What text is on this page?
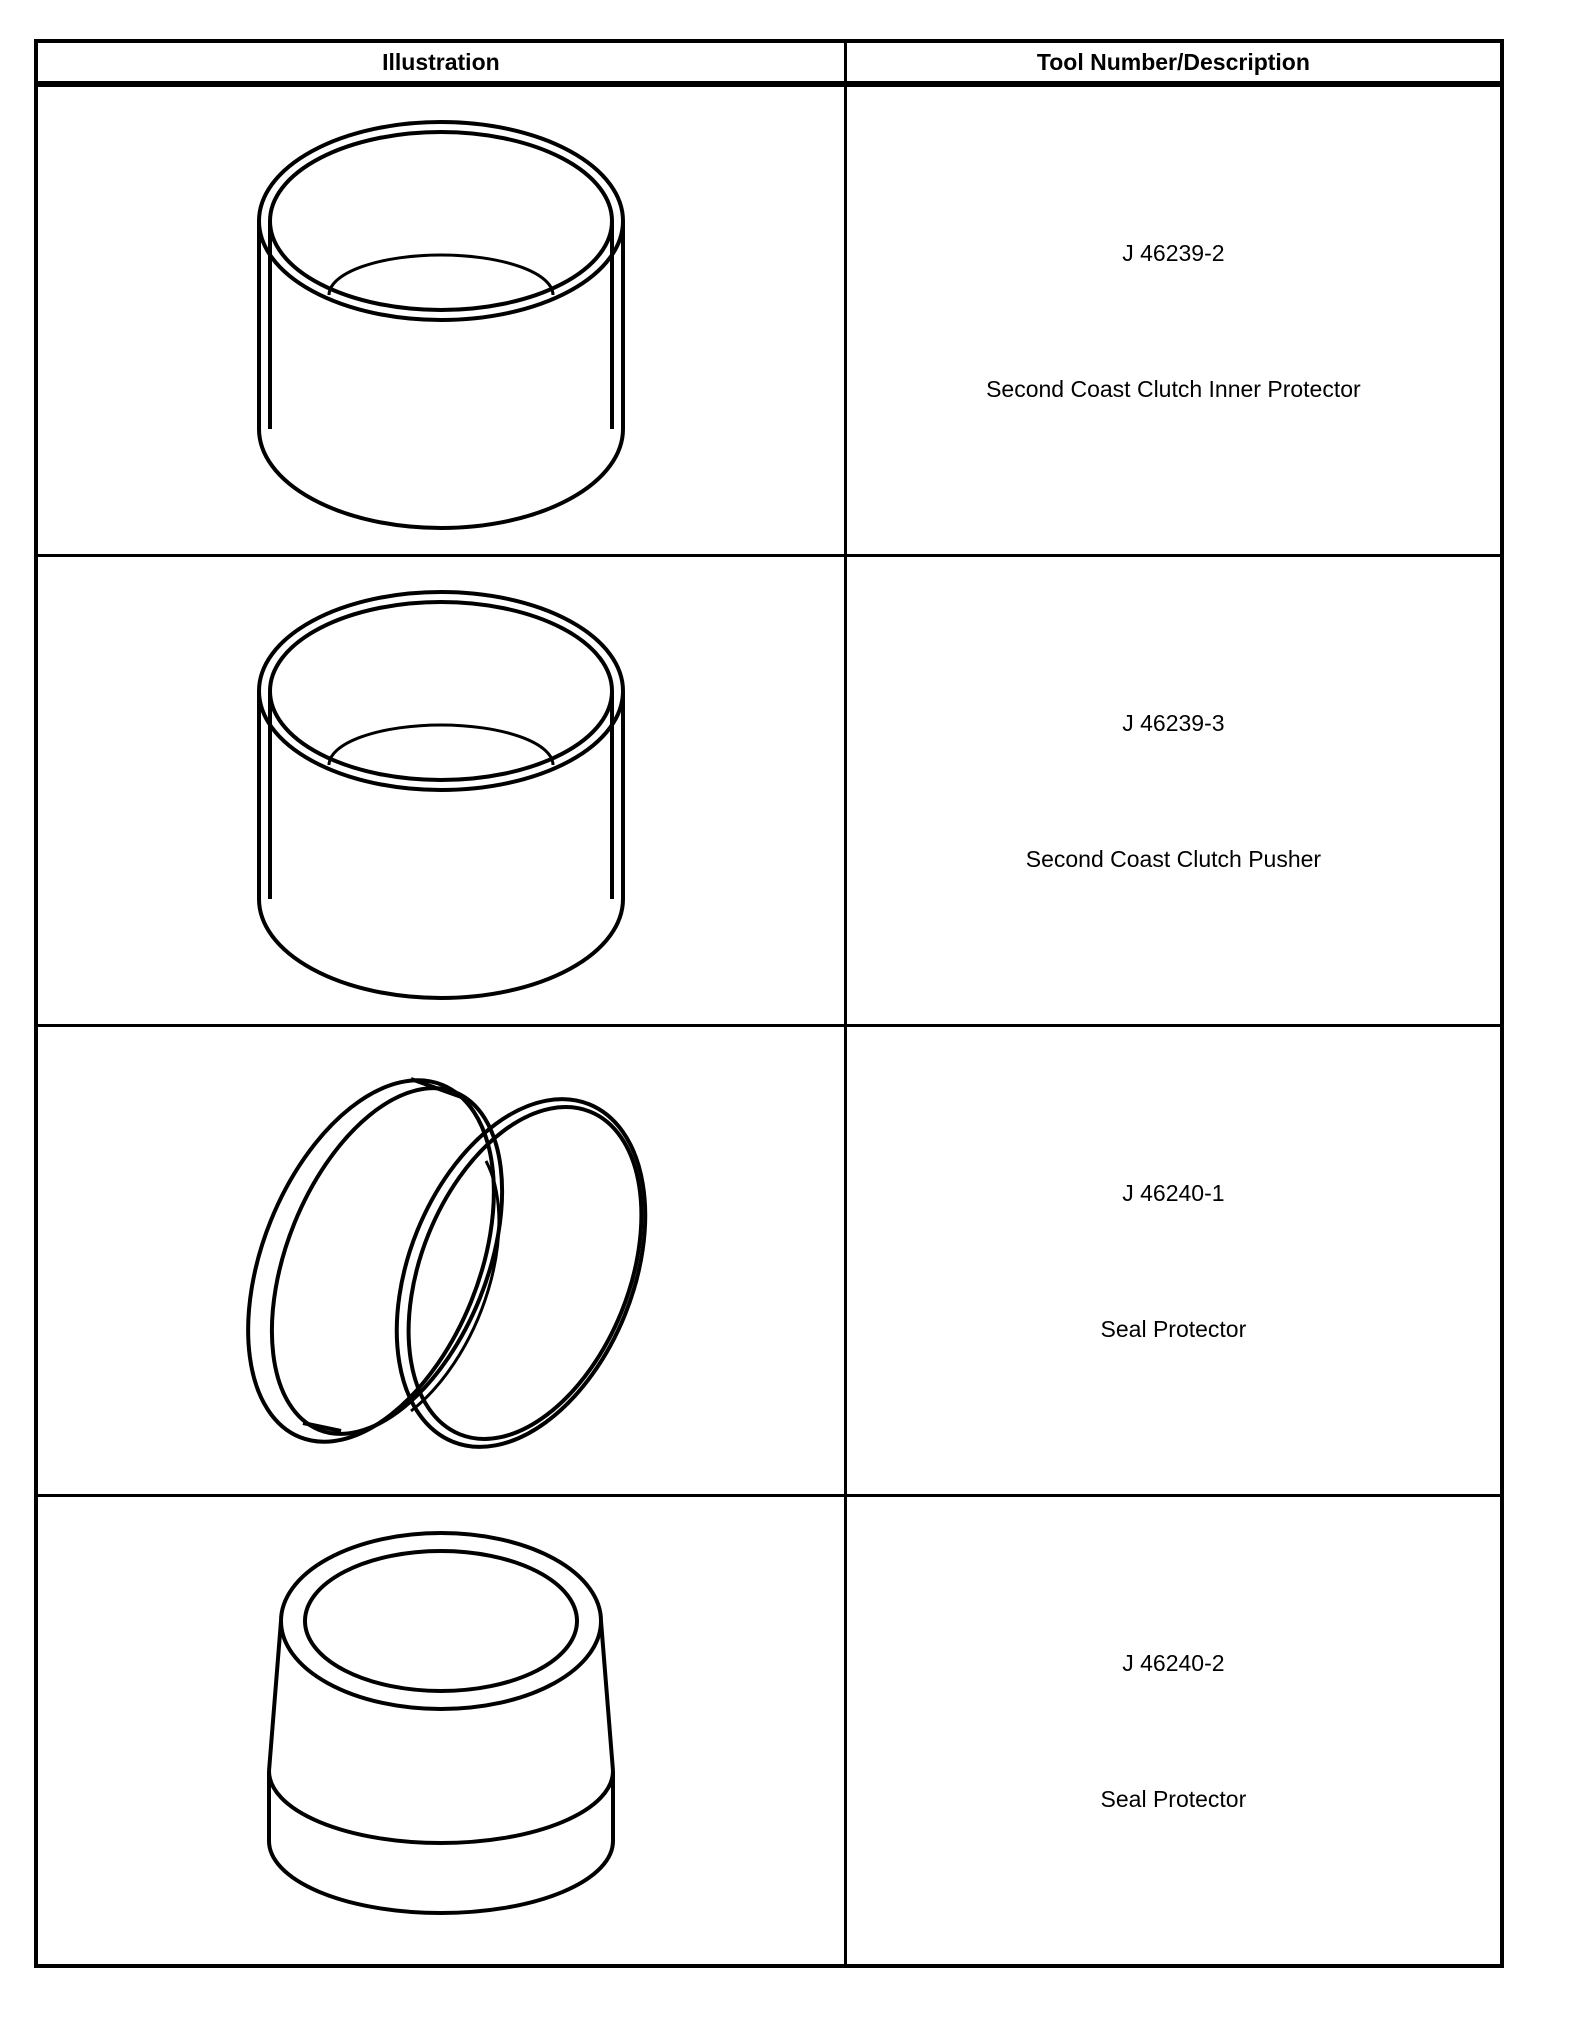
Illustration	Tool Number/Description

J 46239-2
Second Coast Clutch Inner Protector

J 46239-3
Second Coast Clutch Pusher

J 46240-1
Seal Protector

J 46240-2
Seal Protector
